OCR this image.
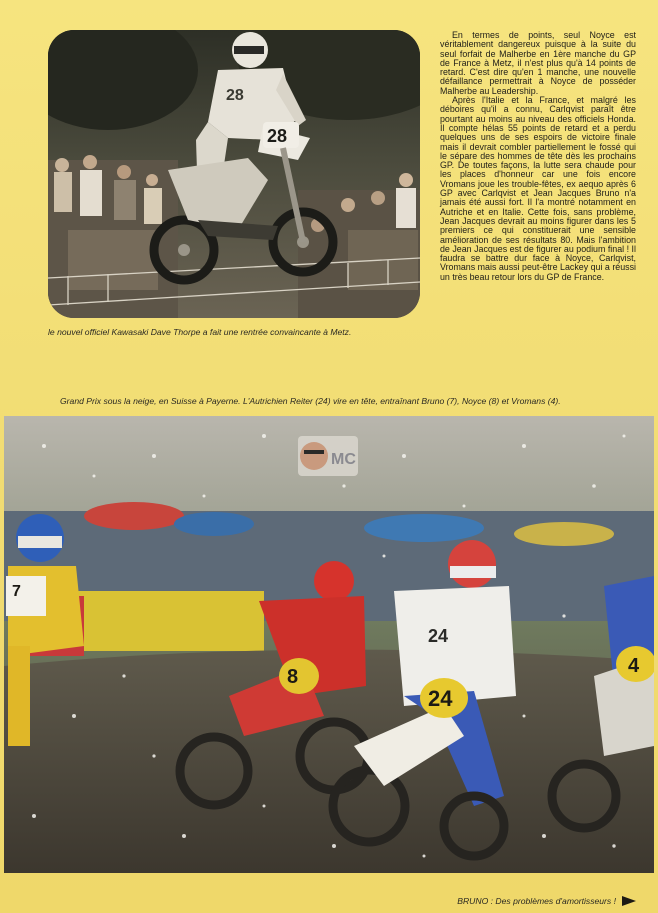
28
28
le nouvel officiel Kawasaki Dave Thorpe a fait une rentrée convaincante à Metz.

En termes de points, seul Noyce est véritablement dangereux puisque à la suite du seul forfait de Malherbe en 1ère manche du GP de France à Metz, il n'est plus qu'à 14 points de retard. C'est dire qu'en 1 manche, une nouvelle défaillance permettrait à Noyce de posséder Malherbe au Leadership.

Après l'Italie et la France, et malgré les déboires qu'il a connu, Carlqvist paraît être pourtant au moins au niveau des officiels Honda. Il compte hélas 55 points de retard et a perdu quelques uns de ses espoirs de victoire finale mais il devrait combler partiellement le fossé qui le sépare des hommes de tête dès les prochains GP. De toutes façons, la lutte sera chaude pour les places d'honneur car une fois encore Vromans joue les trouble-fêtes, ex aequo après 6 GP avec Carlqvist et Jean Jacques Bruno n'a jamais été aussi fort. Il l'a montré notamment en Autriche et en Italie. Cette fois, sans problème, Jean Jacques devrait au moins figurer dans les 5 premiers ce qui constituerait une sensible amélioration de ses résultats 80. Mais l'ambition de Jean Jacques est de figurer au podium final ! Il faudra se battre dur face à Noyce, Carlqvist, Vromans mais aussi peut-être Lackey qui a réussi un très beau retour lors du GP de France.

Grand Prix sous la neige, en Suisse à Payerne. L'Autrichien Reiter (24) vire en tête, entraînant Bruno (7), Noyce (8) et Vromans (4).
8
24
24
4
7
MC
BRUNO : Des problèmes d'amortisseurs !
